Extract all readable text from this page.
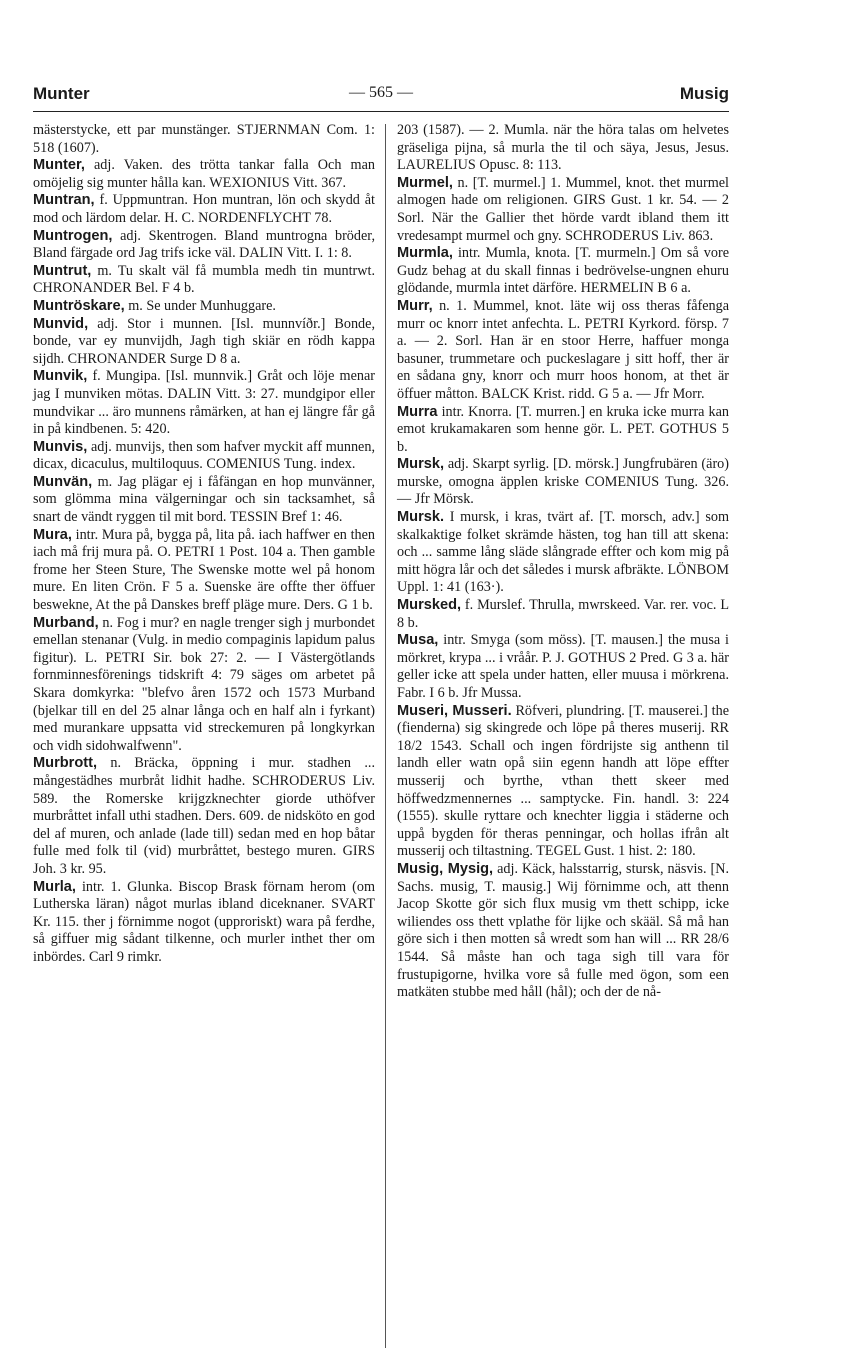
Munter	— 565 —	Musig

mästerstycke, ett par munstänger. STJERNMAN Com. 1: 518 (1607).

Munter, adj. Vaken. des trötta tankar falla Och man omöjelig sig munter hålla kan. WEXIONIUS Vitt. 367.

Muntran, f. Uppmuntran. Hon muntran, lön och skydd åt mod och lärdom delar. H. C. NORDENFLYCHT 78.

Muntrogen, adj. Skentrogen. Bland muntrogna bröder, Bland färgade ord Jag trifs icke väl. DALIN Vitt. I. 1: 8.

Muntrut, m. Tu skalt väl få mumbla medh tin muntrwt. CHRONANDER Bel. F 4 b.

Muntröskare, m. Se under Munhuggare.

Munvid, adj. Stor i munnen. [Isl. munnvíðr.] Bonde, bonde, var ey munvijdh, Jagh tigh skiär en rödh kappa sijdh. CHRONANDER Surge D 8 a.

Munvik, f. Mungipa. [Isl. munnvik.] Gråt och löje menar jag I munviken mötas. DALIN Vitt. 3: 27. mundgipor eller mundvikar ... äro munnens råmärken, at han ej längre får gå in på kindbenen. 5: 420.

Munvis, adj. munvijs, then som hafver myckit aff munnen, dicax, dicaculus, multiloquus. COMENIUS Tung. index.

Munvän, m. Jag plägar ej i fåfängan en hop munvänner, som glömma mina välgerningar och sin tacksamhet, så snart de vändt ryggen til mit bord. TESSIN Bref 1: 46.

Mura, intr. Mura på, bygga på, lita på. iach haffwer en then iach må frij mura på. O. PETRI 1 Post. 104 a. Then gamble frome her Steen Sture, The Swenske motte wel på honom mure. En liten Crön. F 5 a. Suenske äre offte ther öffuer beswekne, At the på Danskes breff pläge mure. Ders. G 1 b.

Murband, n. Fog i mur? en nagle trenger sigh j murbondet emellan stenanar (Vulg. in medio compaginis lapidum palus figitur). L. PETRI Sir. bok 27: 2. — I Västergötlands fornminnesförenings tidskrift 4: 79 säges om arbetet på Skara domkyrka: "blefvo åren 1572 och 1573 Murband (bjelkar till en del 25 alnar långa och en half aln i fyrkant) med murankare uppsatta vid streckemuren på longkyrkan och vidh sidohwalfwenn".

Murbrott, n. Bräcka, öppning i mur. stadhen ... mångestädhes murbråt lidhit hadhe. SCHRODERUS Liv. 589. the Romerske krijgzknechter giorde uthöfver murbråttet infall uthi stadhen. Ders. 609. de nidsköto en god del af muren, och anlade (lade till) sedan med en hop båtar fulle med folk til (vid) murbråttet, bestego muren. GIRS Joh. 3 kr. 95.

Murla, intr. 1. Glunka. Biscop Brask förnam herom (om Lutherska läran) något murlas ibland diceknaner. SVART Kr. 115. ther j förnimme nogot (upproriskt) wara på ferdhe, så giffuer mig sådant tilkenne, och murler inthet ther om inbördes. Carl 9 rimkr.

203 (1587). — 2. Mumla. när the höra talas om helvetes gräseliga pijna, så murla the til och säya, Jesus, Jesus. LAURELIUS Opusc. 8: 113.

Murmel, n. [T. murmel.] 1. Mummel, knot. thet murmel almogen hade om religionen. GIRS Gust. 1 kr. 54. — 2 Sorl. När the Gallier thet hörde vardt ibland them itt vredesampt murmel och gny. SCHRODERUS Liv. 863.

Murmla, intr. Mumla, knota. [T. murmeln.] Om så vore Gudz behag at du skall finnas i bedrövelse-ungnen ehuru glödande, murmla intet därföre. HERMELIN B 6 a.

Murr, n. 1. Mummel, knot. läte wij oss theras fåfenga murr oc knorr intet anfechta. L. PETRI Kyrkord. försp. 7 a. — 2. Sorl. Han är en stoor Herre, haffuer monga basuner, trummetare och puckeslagare j sitt hoff, ther är en sådana gny, knorr och murr hoos honom, at thet är öffuer måtton. BALCK Krist. ridd. G 5 a. — Jfr Morr.

Murra intr. Knorra. [T. murren.] en kruka icke murra kan emot krukamakaren som henne gör. L. PET. GOTHUS 5 b.

Mursk, adj. Skarpt syrlig. [D. mörsk.] Jungfrubären (äro) murske, omogna äpplen kriske COMENIUS Tung. 326. — Jfr Mörsk.

Mursk. I mursk, i kras, tvärt af. [T. morsch, adv.] som skalkaktige folket skrämde hästen, tog han till att skena: och ... samme lång släde slångrade effter och kom mig på mitt högra lår och det således i mursk afbräkte. LÖNBOM Uppl. 1: 41 (163·).

Mursked, f. Murslef. Thrulla, mwrskeed. Var. rer. voc. L 8 b.

Musa, intr. Smyga (som möss). [T. mausen.] the musa i mörkret, krypa ... i vråår. P. J. GOTHUS 2 Pred. G 3 a. här geller icke att spela under hatten, eller muusa i mörkrena. Fabr. I 6 b. Jfr Mussa.

Museri, Musseri. Röfveri, plundring. [T. mauserei.] the (fienderna) sig skingrede och löpe på theres muserij. RR 18/2 1543. Schall och ingen fördrijste sig anthenn til landh eller watn opå siin egenn handh att löpe effter musserij och byrthe, vthan thett skeer med höffwedzmennernes ... samptycke. Fin. handl. 3: 224 (1555). skulle ryttare och knechter liggia i städerne och uppå bygden för theras penningar, och hollas ifrån alt musserij och tiltastning. TEGEL Gust. 1 hist. 2: 180.

Musig, Mysig, adj. Käck, halsstarrig, stursk, näsvis. [N. Sachs. musig, T. mausig.] Wij förnimme och, att thenn Jacop Skotte gör sich flux musig vm thett schipp, icke wiliendes oss thett vplathe för lijke och skääl. Så må han göre sich i then motten så wredt som han will ... RR 28/6 1544. Så måste han och taga sigh till vara för frustupigorne, hvilka vore så fulle med ögon, som een matkäten stubbe med håll (hål); och der de nå-
